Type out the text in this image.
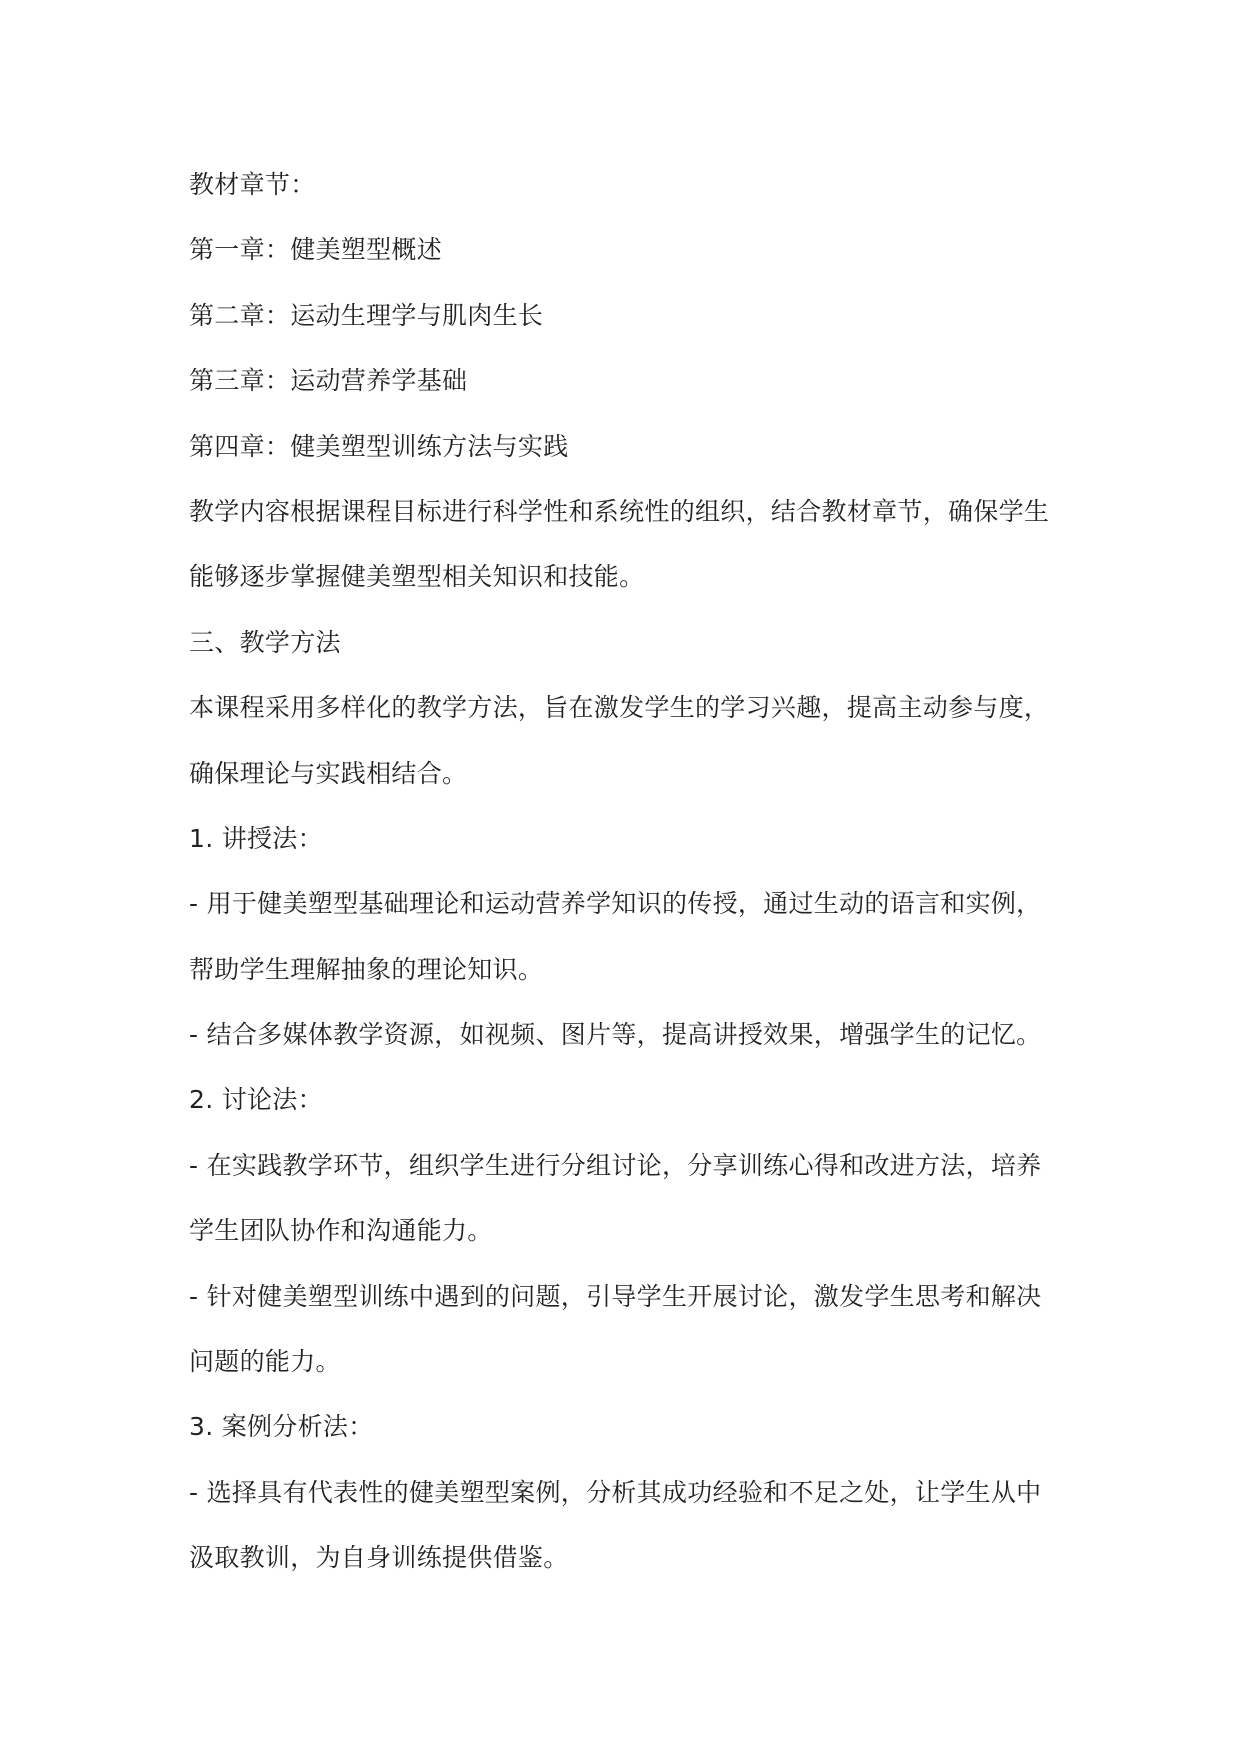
教材章节：
第一章：健美塑型概述
第二章：运动生理学与肌肉生长
第三章：运动营养学基础
第四章：健美塑型训练方法与实践
教学内容根据课程目标进行科学性和系统性的组织，结合教材章节，确保学生
能够逐步掌握健美塑型相关知识和技能。
三、教学方法
本课程采用多样化的教学方法，旨在激发学生的学习兴趣，提高主动参与度，
确保理论与实践相结合。
1. 讲授法：
- 用于健美塑型基础理论和运动营养学知识的传授，通过生动的语言和实例，
帮助学生理解抽象的理论知识。
- 结合多媒体教学资源，如视频、图片等，提高讲授效果，增强学生的记忆。
2. 讨论法：
- 在实践教学环节，组织学生进行分组讨论，分享训练心得和改进方法，培养
学生团队协作和沟通能力。
- 针对健美塑型训练中遇到的问题，引导学生开展讨论，激发学生思考和解决
问题的能力。
3. 案例分析法：
- 选择具有代表性的健美塑型案例，分析其成功经验和不足之处，让学生从中
汲取教训，为自身训练提供借鉴。
